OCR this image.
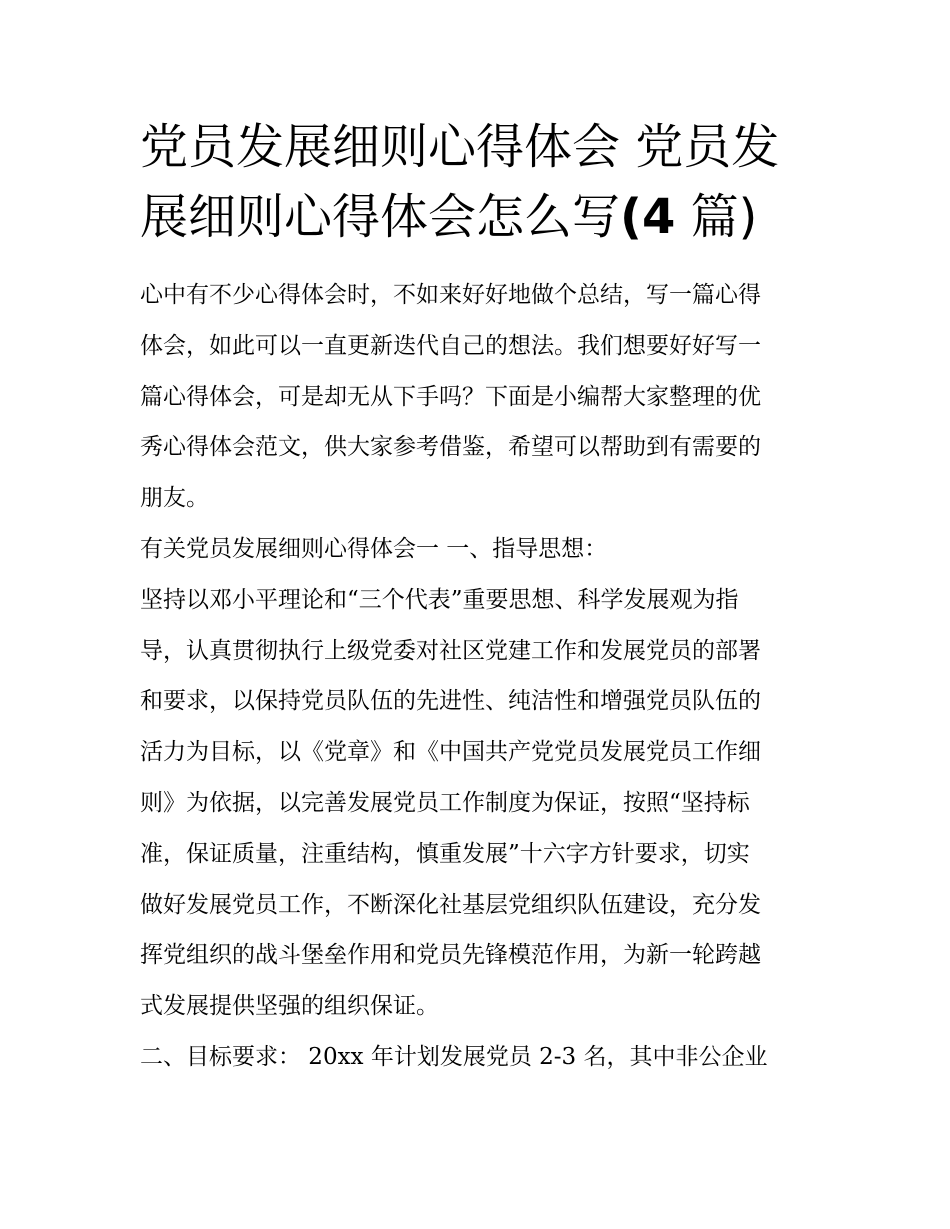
党员发展细则心得体会 党员发
展细则心得体会怎么写(4 篇)
心中有不少心得体会时，不如来好好地做个总结，写一篇心得
体会，如此可以一直更新迭代自己的想法。我们想要好好写一
篇心得体会，可是却无从下手吗？下面是小编帮大家整理的优
秀心得体会范文，供大家参考借鉴，希望可以帮助到有需要的
朋友。
有关党员发展细则心得体会一 一、指导思想：
坚持以邓小平理论和“三个代表”重要思想、科学发展观为指
导，认真贯彻执行上级党委对社区党建工作和发展党员的部署
和要求，以保持党员队伍的先进性、纯洁性和增强党员队伍的
活力为目标，以《党章》和《中国共产党党员发展党员工作细
则》为依据，以完善发展党员工作制度为保证，按照“坚持标
准，保证质量，注重结构，慎重发展”十六字方针要求，切实
做好发展党员工作，不断深化社基层党组织队伍建设，充分发
挥党组织的战斗堡垒作用和党员先锋模范作用，为新一轮跨越
式发展提供坚强的组织保证。
二、目标要求： 20xx 年计划发展党员 2-3 名，其中非公企业
